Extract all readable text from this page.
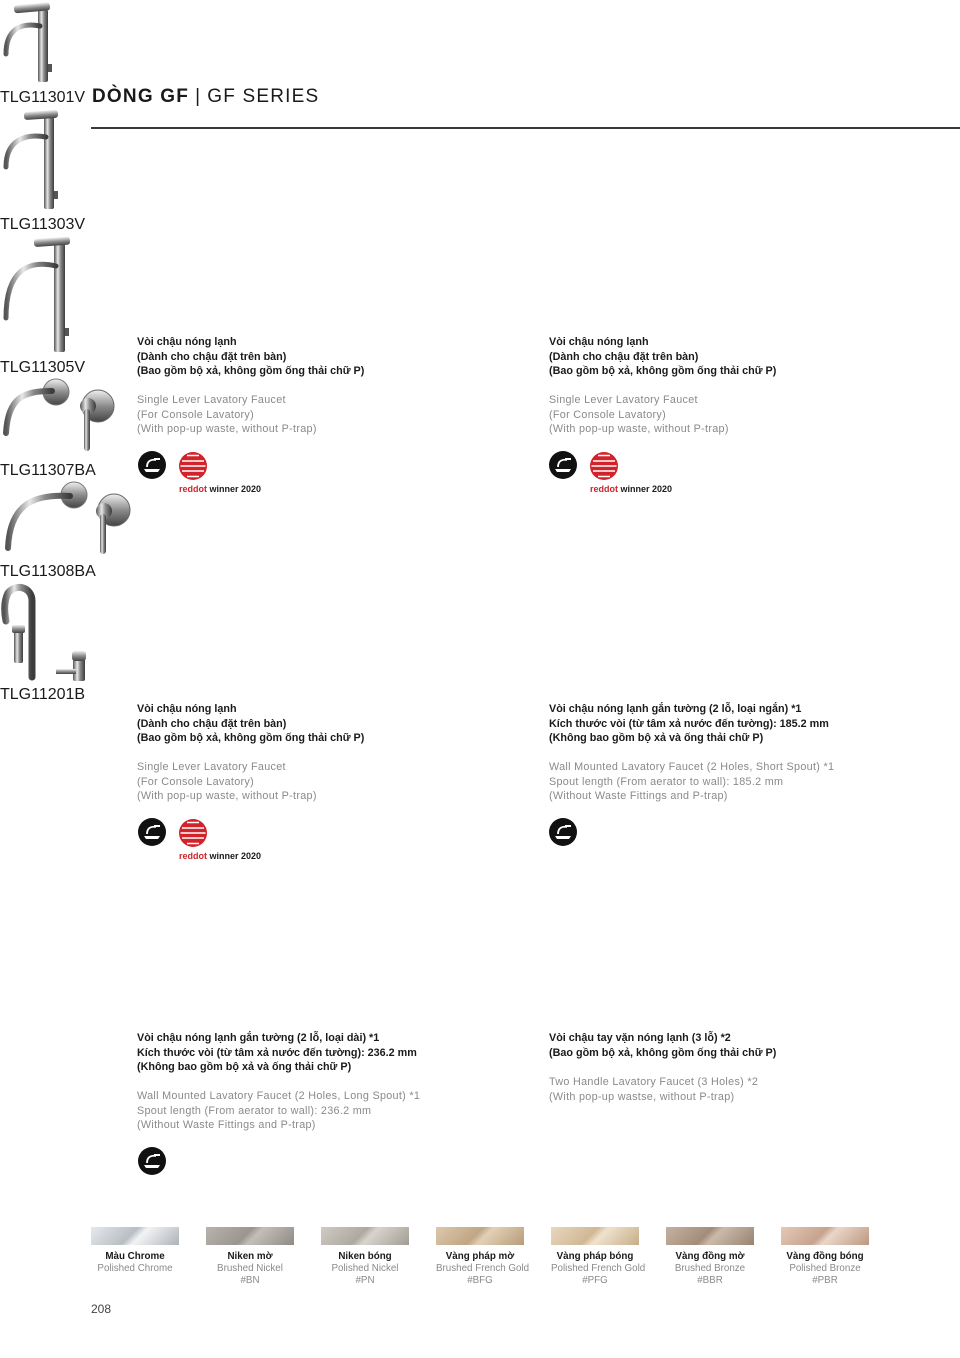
DÒNG GF | GF SERIES
TLG11301V
Vòi chậu nóng lạnh
(Dành cho chậu đặt trên bàn)
(Bao gồm bộ xả, không gồm ống thải chữ P)
Single Lever Lavatory Faucet
(For Console Lavatory)
(With pop-up waste, without P-trap)
reddot winner 2020
TLG11303V
Vòi chậu nóng lạnh
(Dành cho chậu đặt trên bàn)
(Bao gồm bộ xả, không gồm ống thải chữ P)
Single Lever Lavatory Faucet
(For Console Lavatory)
(With pop-up waste, without P-trap)
reddot winner 2020
TLG11305V
Vòi chậu nóng lạnh
(Dành cho chậu đặt trên bàn)
(Bao gồm bộ xả, không gồm ống thải chữ P)
Single Lever Lavatory Faucet
(For Console Lavatory)
(With pop-up waste, without P-trap)
reddot winner 2020
TLG11307BA
Vòi chậu nóng lạnh gắn tường (2 lỗ, loại ngắn) *1
Kích thước vòi (từ tâm xả nước đến tường): 185.2 mm
(Không bao gồm bộ xả và ống thải chữ P)
Wall Mounted Lavatory Faucet (2 Holes, Short Spout) *1
Spout length (From aerator to wall): 185.2 mm
(Without Waste Fittings and P-trap)
TLG11308BA
Vòi chậu nóng lạnh gắn tường (2 lỗ, loại dài) *1
Kích thước vòi (từ tâm xả nước đến tường): 236.2 mm
(Không bao gồm bộ xả và ống thải chữ P)
Wall Mounted Lavatory Faucet (2 Holes, Long Spout) *1
Spout length (From aerator to wall): 236.2 mm
(Without Waste Fittings and P-trap)
TLG11201B
Vòi chậu tay vặn nóng lạnh (3 lỗ) *2
(Bao gồm bộ xả, không gồm ống thải chữ P)
Two Handle Lavatory Faucet (3 Holes) *2
(With pop-up wastse, without P-trap)
Màu Chrome
Polished Chrome
Niken mờ
Brushed Nickel
#BN
Niken bóng
Polished Nickel
#PN
Vàng pháp mờ
Brushed French Gold
#BFG
Vàng pháp bóng
Polished French Gold
#PFG
Vàng đồng mờ
Brushed Bronze
#BBR
Vàng đồng bóng
Polished Bronze
#PBR
208
